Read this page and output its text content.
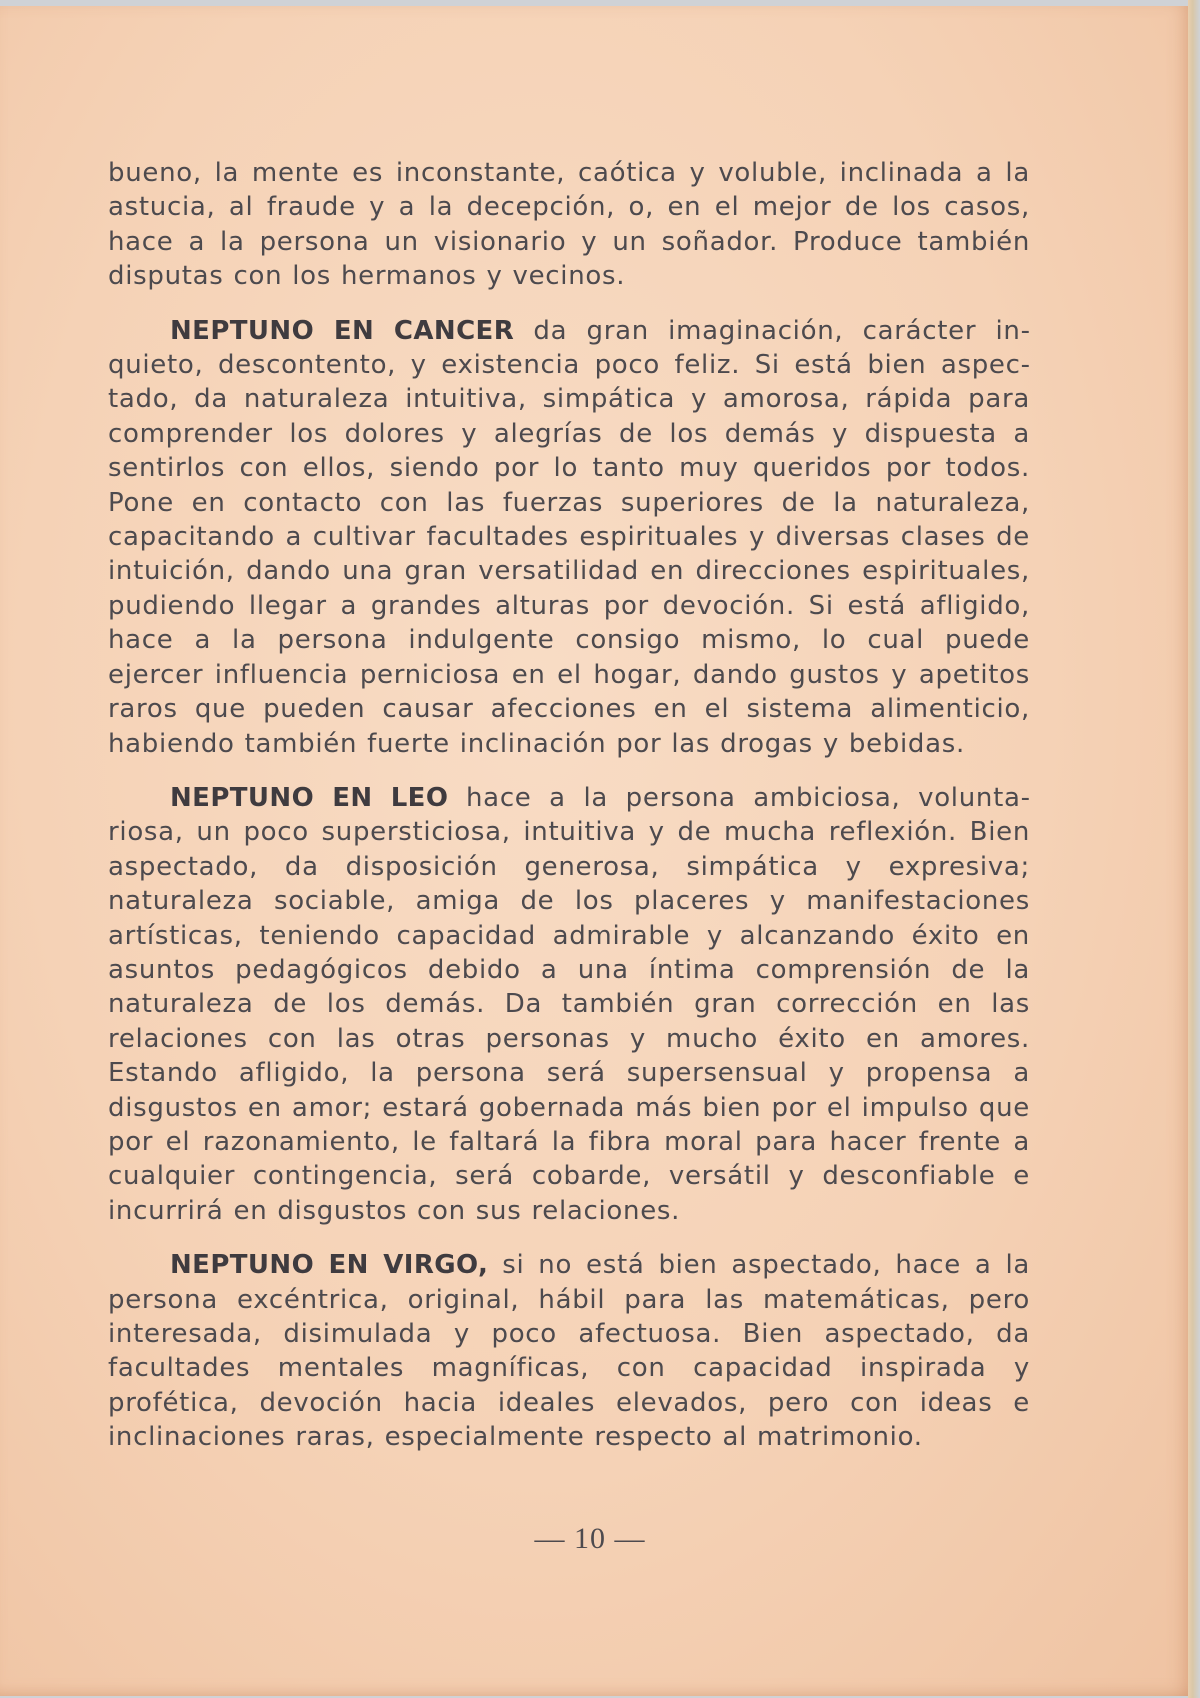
bueno, la mente es inconstante, caótica y voluble, inclinada a la astucia, al fraude y a la decepción, o, en el mejor de los casos, hace a la persona un visionario y un soñador. Produce también disputas con los hermanos y vecinos.

NEPTUNO EN CANCER da gran imaginación, carácter inquieto, descontento, y existencia poco feliz. Si está bien aspectado, da naturaleza intuitiva, simpática y amorosa, rápida para comprender los dolores y alegrías de los demás y dispuesta a sentirlos con ellos, siendo por lo tanto muy queridos por todos. Pone en contacto con las fuerzas superiores de la naturaleza, capacitando a cultivar facultades espirituales y diversas clases de intuición, dando una gran versatilidad en direcciones espirituales, pudiendo llegar a grandes alturas por devoción. Si está afligido, hace a la persona indulgente consigo mismo, lo cual puede ejercer influencia perniciosa en el hogar, dando gustos y apetitos raros que pueden causar afecciones en el sistema alimenticio, habiendo también fuerte inclinación por las drogas y bebidas.

NEPTUNO EN LEO hace a la persona ambiciosa, voluntariosa, un poco supersticiosa, intuitiva y de mucha reflexión. Bien aspectado, da disposición generosa, simpática y expresiva; naturaleza sociable, amiga de los placeres y manifestaciones artísticas, teniendo capacidad admirable y alcanzando éxito en asuntos pedagógicos debido a una íntima comprensión de la naturaleza de los demás. Da también gran corrección en las relaciones con las otras personas y mucho éxito en amores. Estando afligido, la persona será supersensual y propensa a disgustos en amor; estará gobernada más bien por el impulso que por el razonamiento, le faltará la fibra moral para hacer frente a cualquier contingencia, será cobarde, versátil y desconfiable e incurrirá en disgustos con sus relaciones.

NEPTUNO EN VIRGO, si no está bien aspectado, hace a la persona excéntrica, original, hábil para las matemáticas, pero interesada, disimulada y poco afectuosa. Bien aspectado, da facultades mentales magníficas, con capacidad inspirada y profética, devoción hacia ideales elevados, pero con ideas e inclinaciones raras, especialmente respecto al matrimonio.

— 10 —
